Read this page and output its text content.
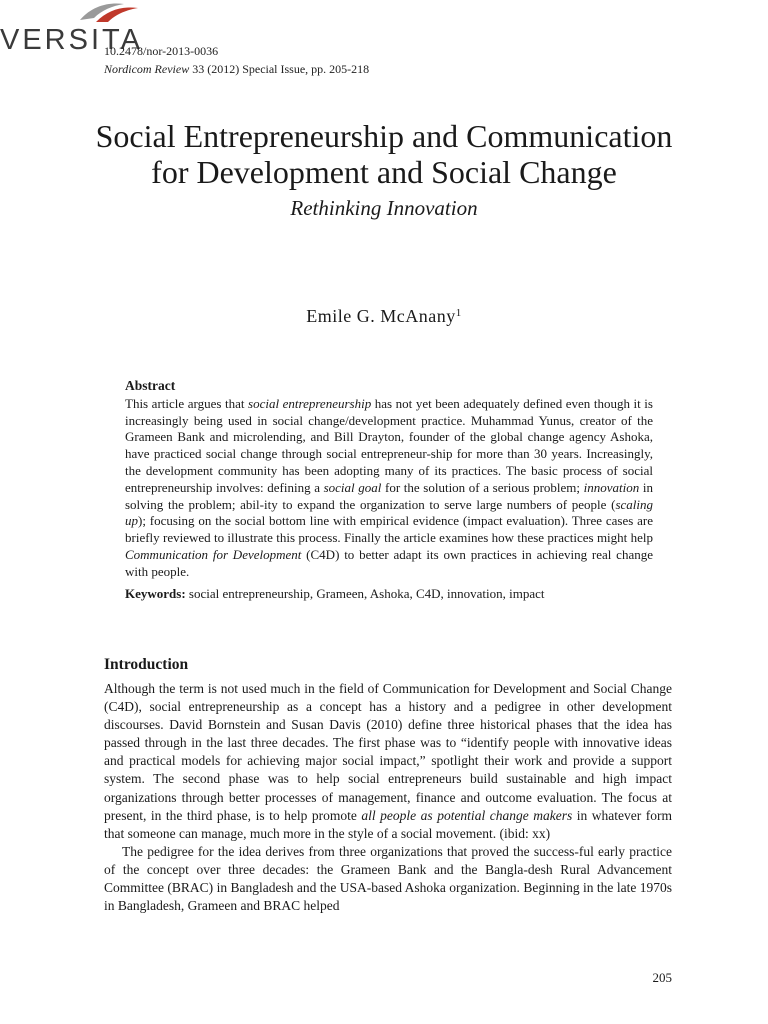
VERSITA
10.2478/nor-2013-0036
Nordicom Review 33 (2012) Special Issue, pp. 205-218
Social Entrepreneurship and Communication for Development and Social Change
Rethinking Innovation
Emile G. McAnany$^1$
Abstract
This article argues that social entrepreneurship has not yet been adequately defined even though it is increasingly being used in social change/development practice. Muhammad Yunus, creator of the Grameen Bank and microlending, and Bill Drayton, founder of the global change agency Ashoka, have practiced social change through social entrepreneur-ship for more than 30 years. Increasingly, the development community has been adopting many of its practices. The basic process of social entrepreneurship involves: defining a social goal for the solution of a serious problem; innovation in solving the problem; abil-ity to expand the organization to serve large numbers of people (scaling up); focusing on the social bottom line with empirical evidence (impact evaluation). Three cases are briefly reviewed to illustrate this process. Finally the article examines how these practices might help Communication for Development (C4D) to better adapt its own practices in achieving real change with people.
Keywords: social entrepreneurship, Grameen, Ashoka, C4D, innovation, impact
Introduction

Although the term is not used much in the field of Communication for Development and Social Change (C4D), social entrepreneurship as a concept has a history and a pedigree in other development discourses. David Bornstein and Susan Davis (2010) define three historical phases that the idea has passed through in the last three decades. The first phase was to “identify people with innovative ideas and practical models for achieving major social impact,” spotlight their work and provide a support system. The second phase was to help social entrepreneurs build sustainable and high impact organizations through better processes of management, finance and outcome evaluation. The focus at present, in the third phase, is to help promote all people as potential change makers in whatever form that someone can manage, much more in the style of a social movement. (ibid: xx)

The pedigree for the idea derives from three organizations that proved the success-ful early practice of the concept over three decades: the Grameen Bank and the Bangla-desh Rural Advancement Committee (BRAC) in Bangladesh and the USA-based Ashoka organization. Beginning in the late 1970s in Bangladesh, Grameen and BRAC helped

205
